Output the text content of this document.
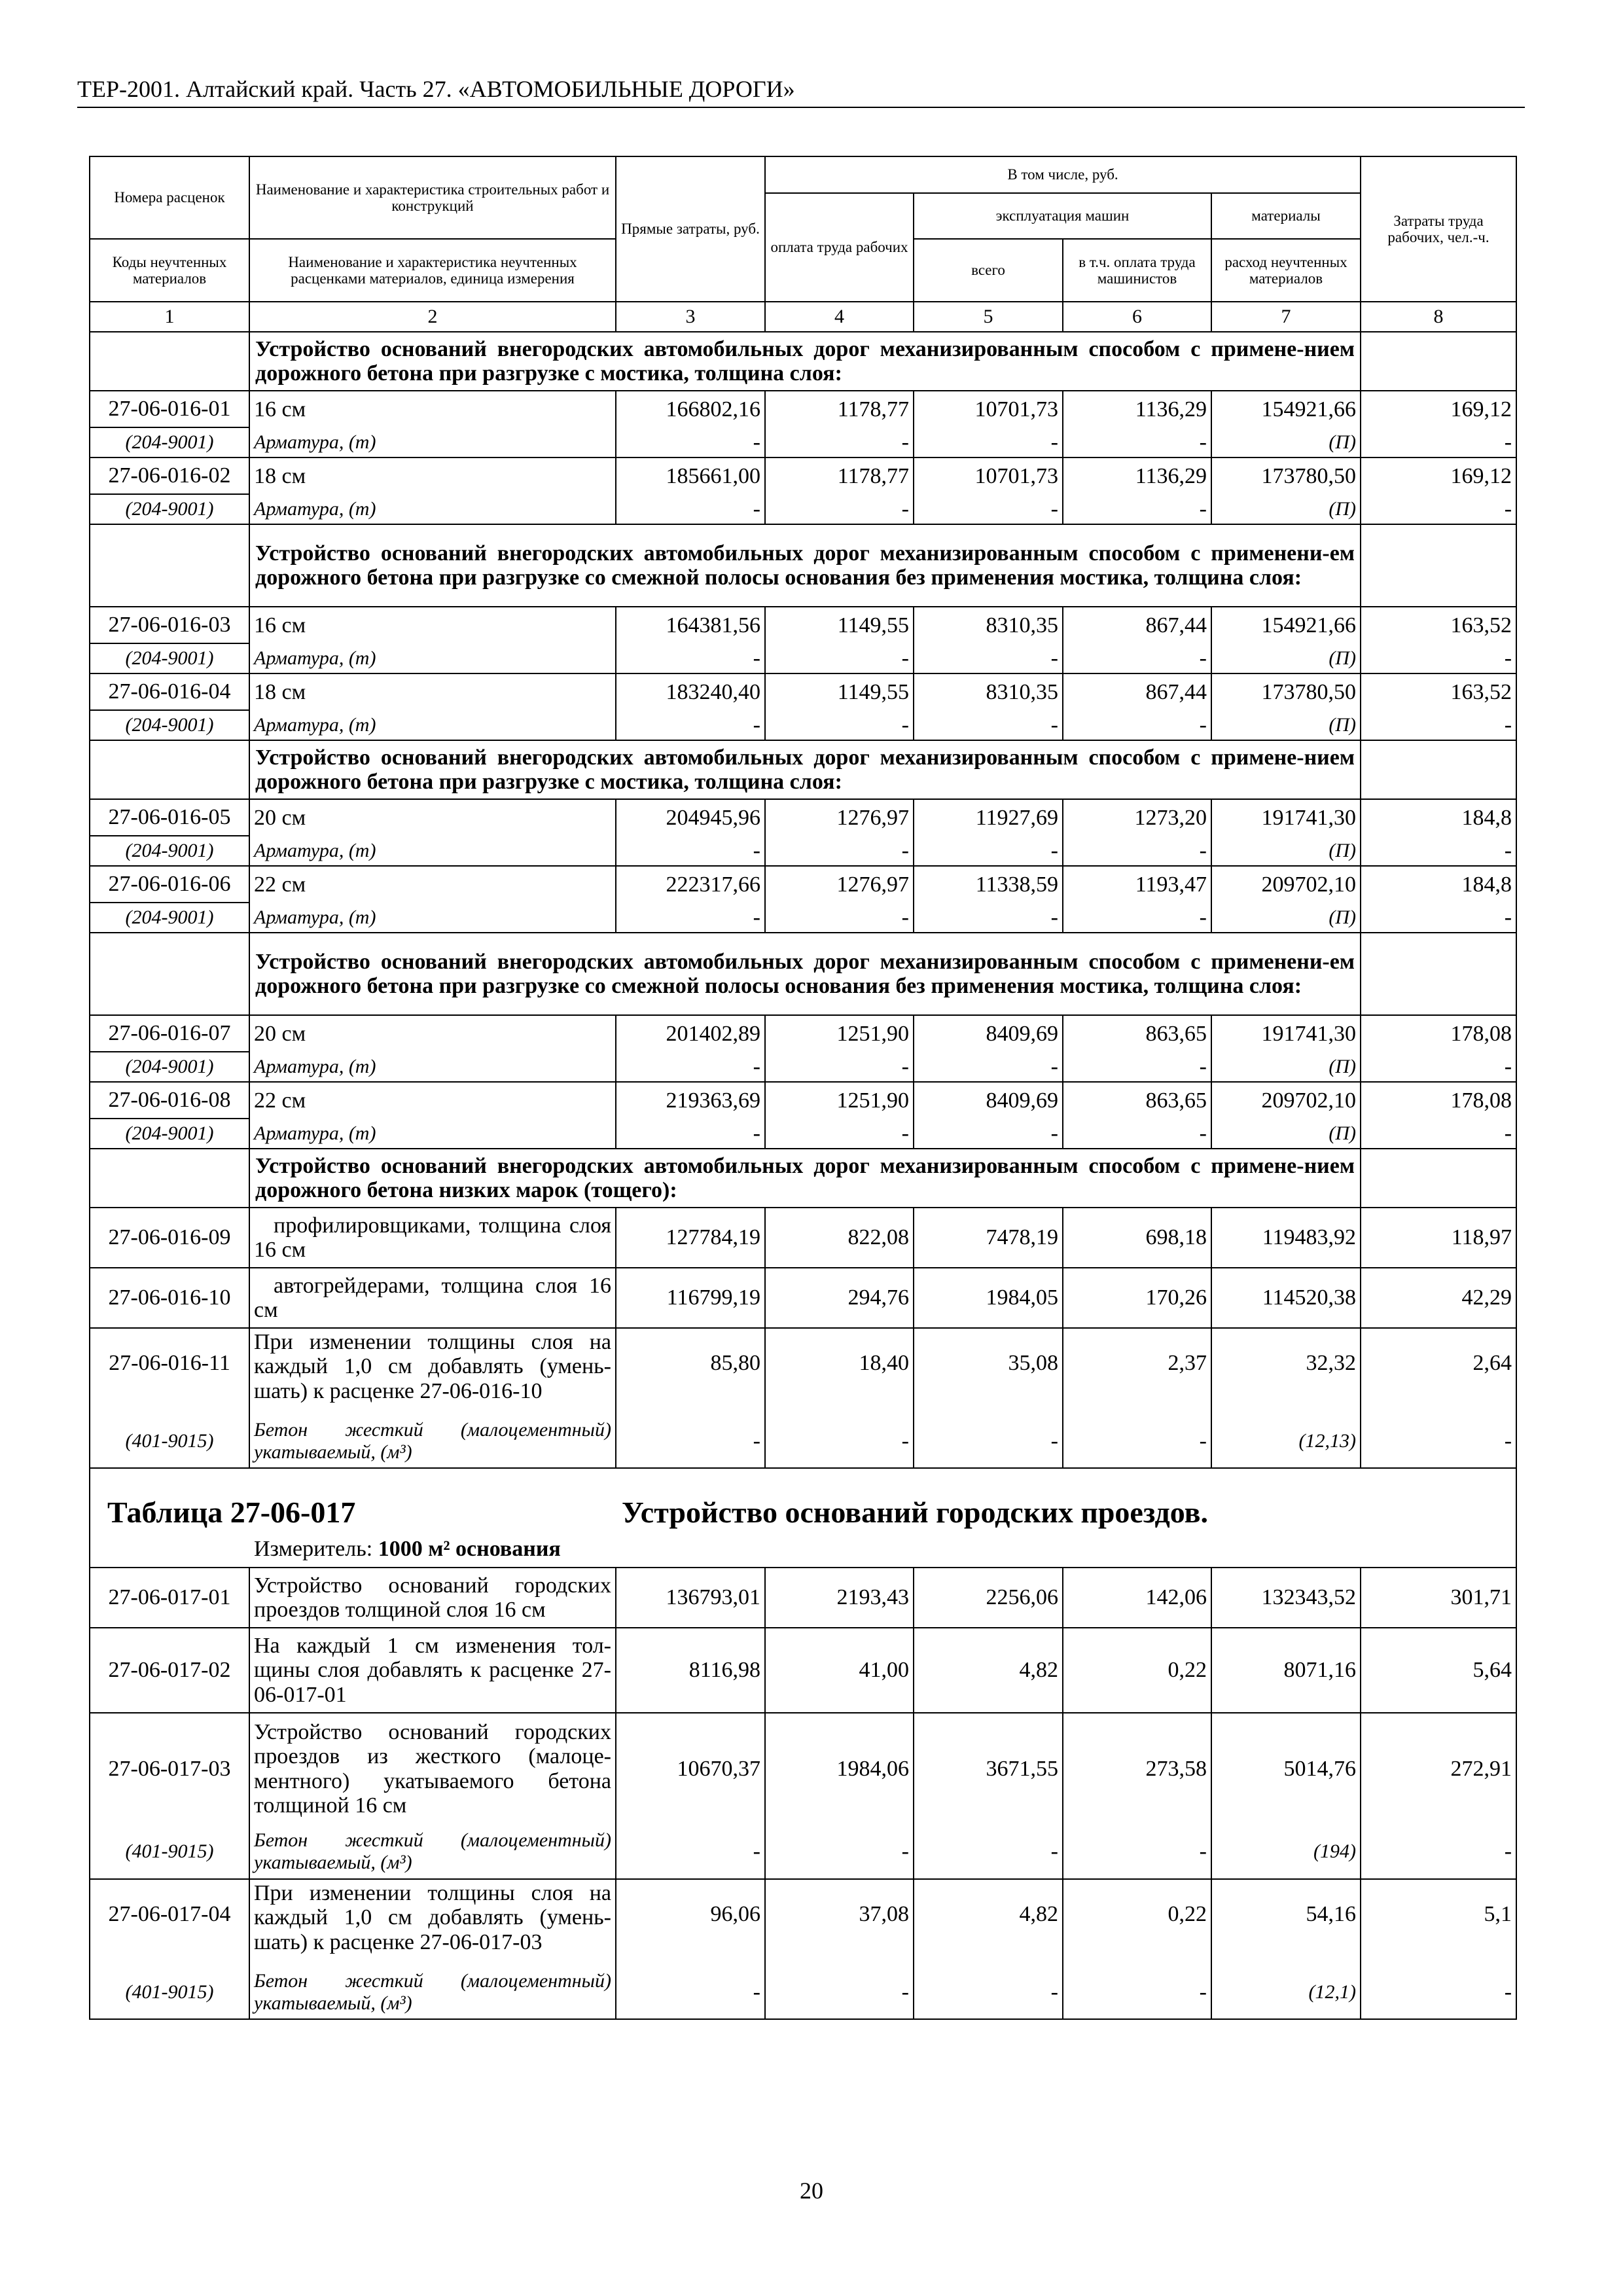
ТЕР-2001. Алтайский край. Часть 27. «АВТОМОБИЛЬНЫЕ ДОРОГИ»
Номера расценок	Наименование и характеристика строительных работ и конструкций	Прямые затраты, руб.	В том числе, руб.				Затраты труда рабочих, чел.-ч.
			оплата труда рабочих	эксплуатация машин		материалы	
Коды неучтенных материалов	Наименование и характеристика неучтенных расценками материалов, единица измерения			всего	в т.ч. оплата труда машинистов	расход неучтенных материалов	
1	2	3	4	5	6	7	8
	Устройство оснований внегородских автомобильных дорог механизированным способом с примене-нием дорожного бетона при разгрузке с мостика, толщина слоя:						
27-06-016-01	16 см	166802,16	1178,77	10701,73	1136,29	154921,66	169,12
(204-9001)	Арматура, (т)	-	-	-	-	(П)	-
27-06-016-02	18 см	185661,00	1178,77	10701,73	1136,29	173780,50	169,12
(204-9001)	Арматура, (т)	-	-	-	-	(П)	-
	Устройство оснований внегородских автомобильных дорог механизированным способом с применени-ем дорожного бетона при разгрузке со смежной полосы основания без применения мостика, толщина слоя:						
27-06-016-03	16 см	164381,56	1149,55	8310,35	867,44	154921,66	163,52
(204-9001)	Арматура, (т)	-	-	-	-	(П)	-
27-06-016-04	18 см	183240,40	1149,55	8310,35	867,44	173780,50	163,52
(204-9001)	Арматура, (т)	-	-	-	-	(П)	-
	Устройство оснований внегородских автомобильных дорог механизированным способом с примене-нием дорожного бетона при разгрузке с мостика, толщина слоя:						
27-06-016-05	20 см	204945,96	1276,97	11927,69	1273,20	191741,30	184,8
(204-9001)	Арматура, (т)	-	-	-	-	(П)	-
27-06-016-06	22 см	222317,66	1276,97	11338,59	1193,47	209702,10	184,8
(204-9001)	Арматура, (т)	-	-	-	-	(П)	-
	Устройство оснований внегородских автомобильных дорог механизированным способом с применени-ем дорожного бетона при разгрузке со смежной полосы основания без применения мостика, толщина слоя:						
27-06-016-07	20 см	201402,89	1251,90	8409,69	863,65	191741,30	178,08
(204-9001)	Арматура, (т)	-	-	-	-	(П)	-
27-06-016-08	22 см	219363,69	1251,90	8409,69	863,65	209702,10	178,08
(204-9001)	Арматура, (т)	-	-	-	-	(П)	-
	Устройство оснований внегородских автомобильных дорог механизированным способом с примене-нием дорожного бетона низких марок (тощего):						
27-06-016-09	профилировщиками, толщина слоя 16 см	127784,19	822,08	7478,19	698,18	119483,92	118,97
27-06-016-10	автогрейдерами, толщина слоя 16 см	116799,19	294,76	1984,05	170,26	114520,38	42,29
27-06-016-11	При изменении толщины слоя на каждый 1,0 см добавлять (умень-шать) к расценке 27-06-016-10	85,80	18,40	35,08	2,37	32,32	2,64
(401-9015)	Бетон жесткий (малоцементный) укатываемый, (м³)	-	-	-	-	(12,13)	-

Таблица 27-06-017 Устройство оснований городских проездов.
Измеритель: 1000 м² основания							

27-06-017-01	Устройство оснований городских проездов толщиной слоя 16 см	136793,01	2193,43	2256,06	142,06	132343,52	301,71
27-06-017-02	На каждый 1 см изменения тол-щины слоя добавлять к расценке 27-06-017-01	8116,98	41,00	4,82	0,22	8071,16	5,64
27-06-017-03	Устройство оснований городских проездов из жесткого (малоце-ментного) укатываемого бетона толщиной 16 см	10670,37	1984,06	3671,55	273,58	5014,76	272,91
(401-9015)	Бетон жесткий (малоцементный) укатываемый, (м³)	-	-	-	-	(194)	-
27-06-017-04	При изменении толщины слоя на каждый 1,0 см добавлять (умень-шать) к расценке 27-06-017-03	96,06	37,08	4,82	0,22	54,16	5,1
(401-9015)	Бетон жесткий (малоцементный) укатываемый, (м³)	-	-	-	-	(12,1)	-
20
